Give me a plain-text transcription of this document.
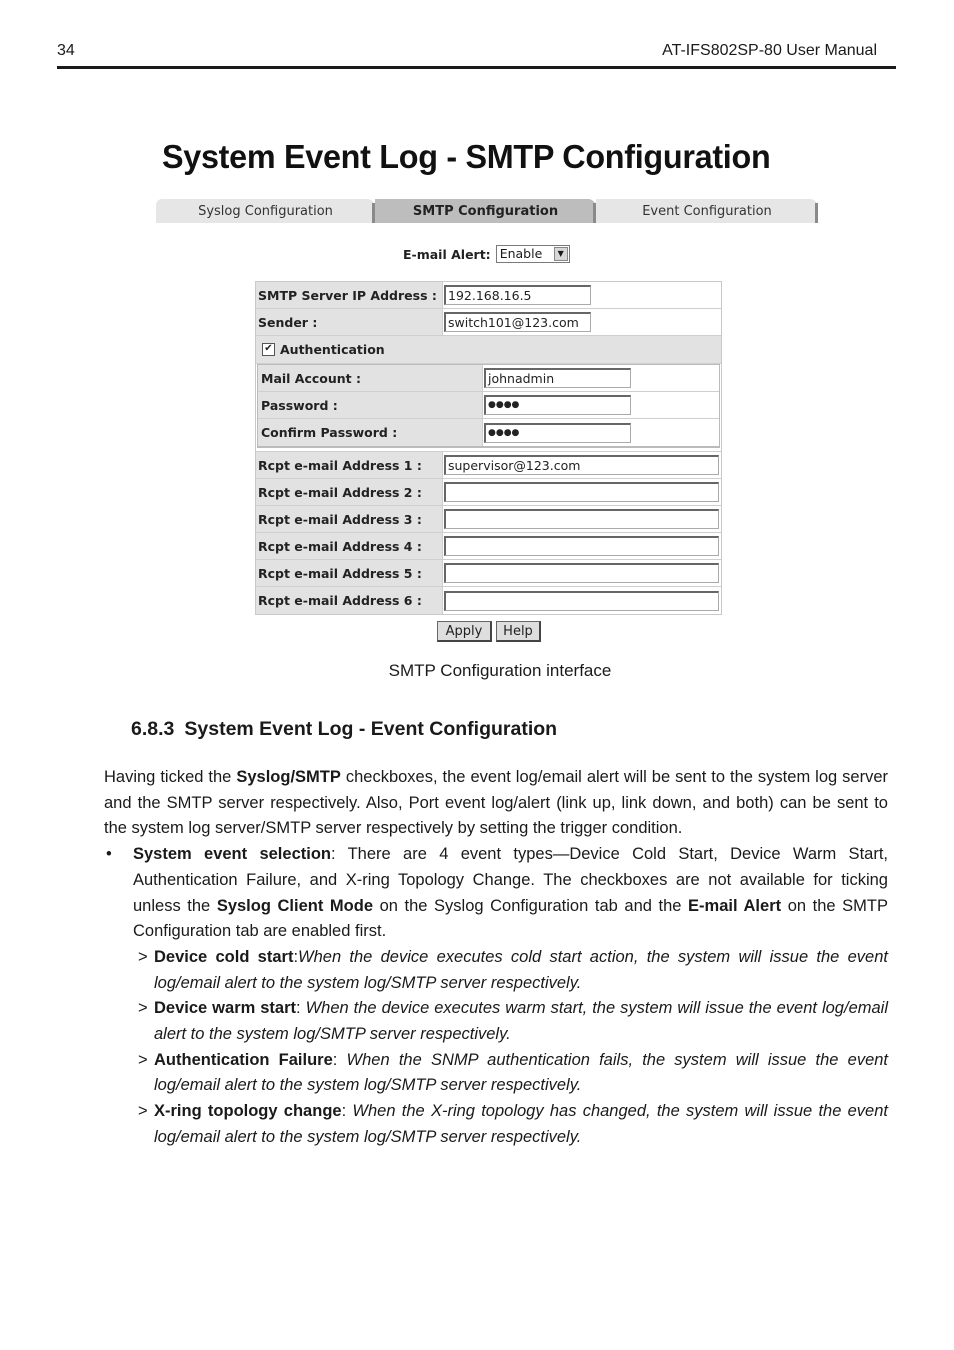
34	AT-IFS802SP-80 User Manual
System Event Log - SMTP Configuration
Syslog Configuration	SMTP Configuration	Event Configuration
E-mail Alert: Enable	▼
SMTP Server IP Address : 192.168.16.5
Sender :	switch101@123.com
✔ Authentication
Mail Account :	johnadmin
Password :	●●●●
Confirm Password :	●●●●
Rcpt e-mail Address 1 :	supervisor@123.com
Rcpt e-mail Address 2 :
Rcpt e-mail Address 3 :
Rcpt e-mail Address 4 :
Rcpt e-mail Address 5 :
Rcpt e-mail Address 6 :
Apply	Help
SMTP Configuration interface
6.8.3 System Event Log - Event Configuration

Having ticked the Syslog/SMTP checkboxes, the event log/email alert will be sent to the system log server and the SMTP server respectively. Also, Port event log/alert (link up, link down, and both) can be sent to the system log server/SMTP server respectively by setting the trigger condition.

• System event selection: There are 4 event types—Device Cold Start, Device Warm Start, Authentication Failure, and X-ring Topology Change. The checkboxes are not available for ticking unless the Syslog Client Mode on the Syslog Configuration tab and the E-mail Alert on the SMTP Configuration tab are enabled first.

> Device cold start:When the device executes cold start action, the system will issue the event log/email alert to the system log/SMTP server respectively.

> Device warm start: When the device executes warm start, the system will issue the event log/email alert to the system log/SMTP server respectively.

> Authentication Failure: When the SNMP authentication fails, the system will issue the event log/email alert to the system log/SMTP server respectively.

> X-ring topology change: When the X-ring topology has changed, the system will issue the event log/email alert to the system log/SMTP server respectively.
